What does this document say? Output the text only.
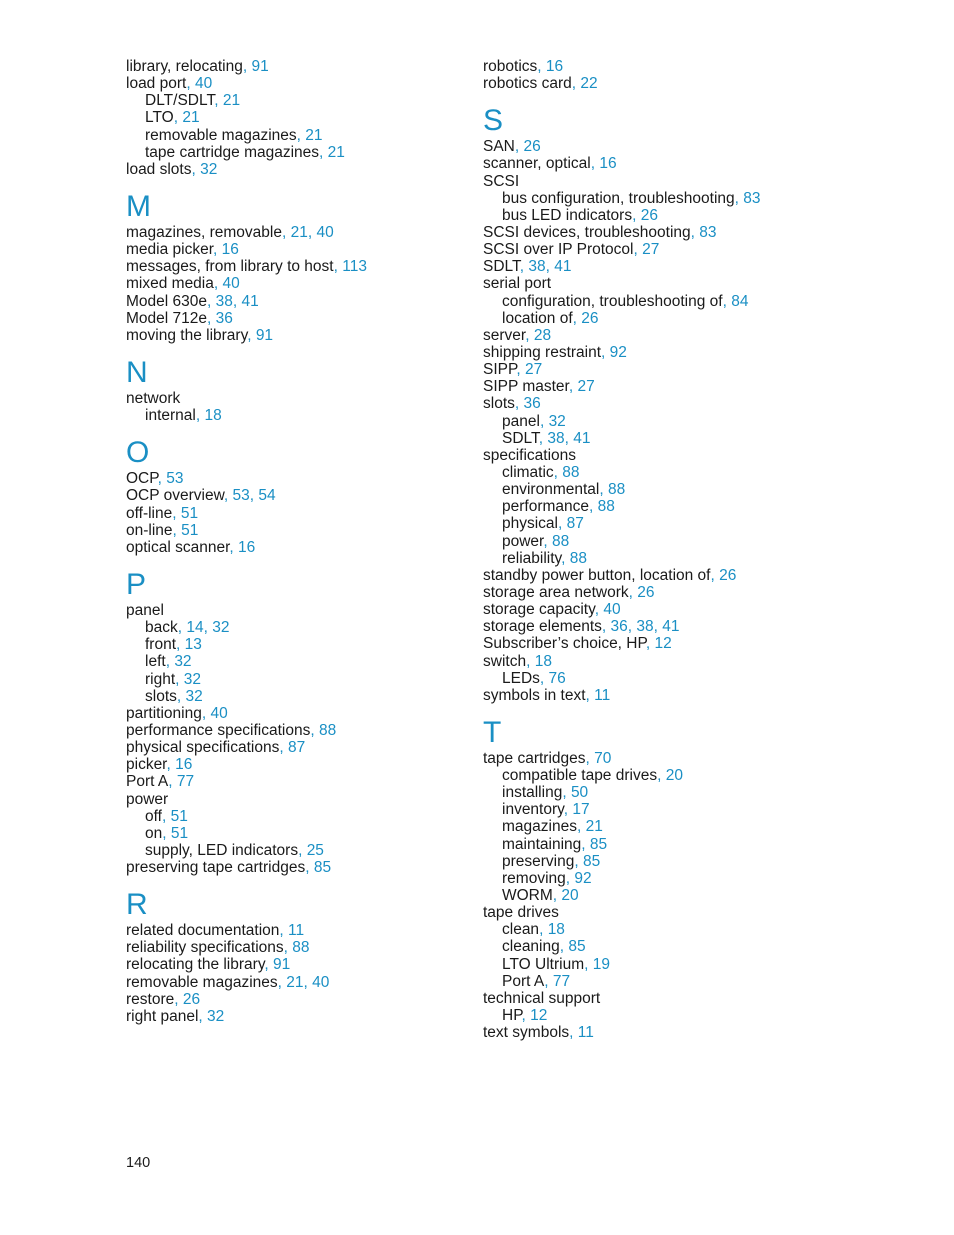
library, relocating, 91
load port, 40
DLT/SDLT, 21
LTO, 21
removable magazines, 21
tape cartridge magazines, 21
load slots, 32
M
magazines, removable, 21, 40
media picker, 16
messages, from library to host, 113
mixed media, 40
Model 630e, 38, 41
Model 712e, 36
moving the library, 91
N
network
internal, 18
O
OCP, 53
OCP overview, 53, 54
off-line, 51
on-line, 51
optical scanner, 16
P
panel
back, 14, 32
front, 13
left, 32
right, 32
slots, 32
partitioning, 40
performance specifications, 88
physical specifications, 87
picker, 16
Port A, 77
power
off, 51
on, 51
supply, LED indicators, 25
preserving tape cartridges, 85
R
related documentation, 11
reliability specifications, 88
relocating the library, 91
removable magazines, 21, 40
restore, 26
right panel, 32
robotics, 16
robotics card, 22
S
SAN, 26
scanner, optical, 16
SCSI
bus configuration, troubleshooting, 83
bus LED indicators, 26
SCSI devices, troubleshooting, 83
SCSI over IP Protocol, 27
SDLT, 38, 41
serial port
configuration, troubleshooting of, 84
location of, 26
server, 28
shipping restraint, 92
SIPP, 27
SIPP master, 27
slots, 36
panel, 32
SDLT, 38, 41
specifications
climatic, 88
environmental, 88
performance, 88
physical, 87
power, 88
reliability, 88
standby power button, location of, 26
storage area network, 26
storage capacity, 40
storage elements, 36, 38, 41
Subscriber’s choice, HP, 12
switch, 18
LEDs, 76
symbols in text, 11
T
tape cartridges, 70
compatible tape drives, 20
installing, 50
inventory, 17
magazines, 21
maintaining, 85
preserving, 85
removing, 92
WORM, 20
tape drives
clean, 18
cleaning, 85
LTO Ultrium, 19
Port A, 77
technical support
HP, 12
text symbols, 11
140
